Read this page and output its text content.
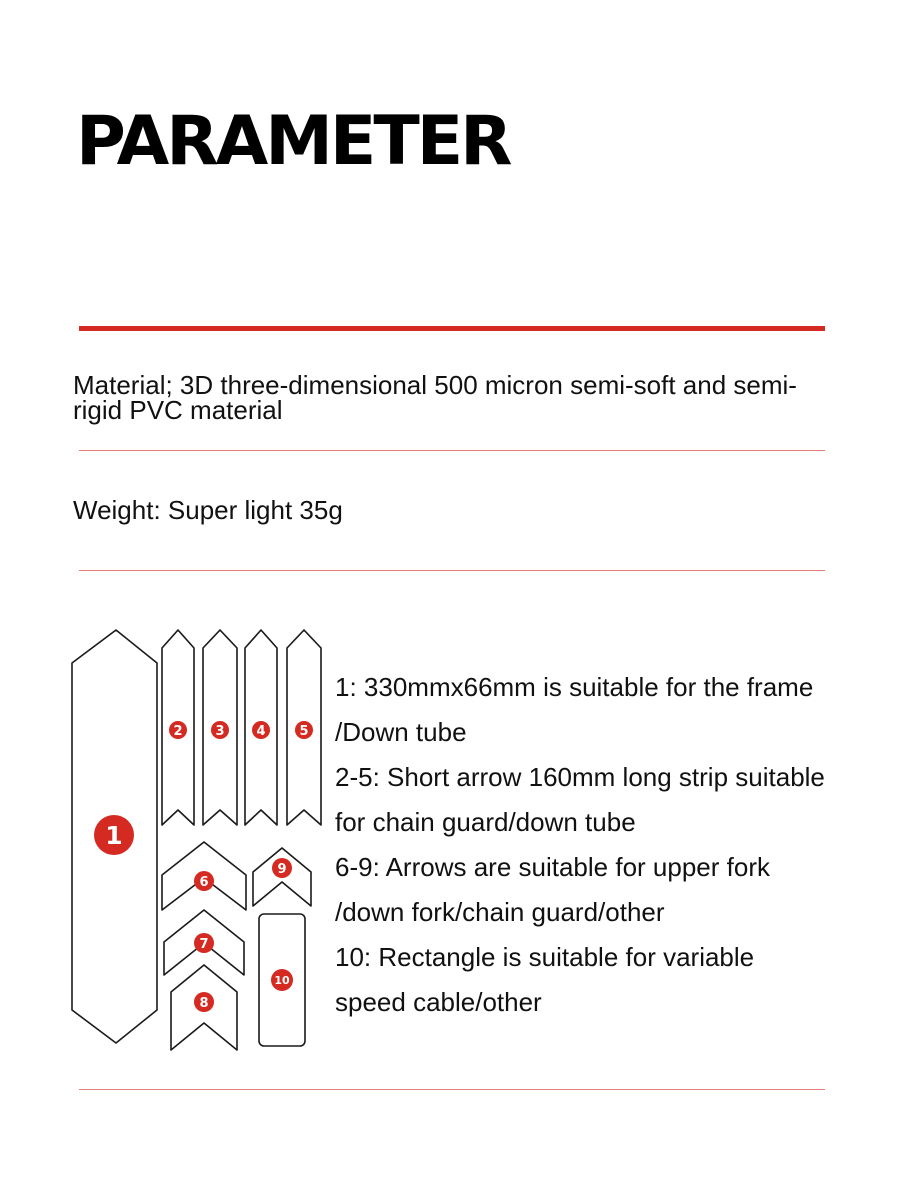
PARAMETER

Material; 3D three-dimensional 500 micron semi-soft and semi-rigid PVC material

Weight: Super light 35g

1
2	3 4	5
6
7
8
9
10
1: 330mmx66mm is suitable for the frame
/Down tube
2-5: Short arrow 160mm long strip suitable
for chain guard/down tube
6-9: Arrows are suitable for upper fork
/down fork/chain guard/other
10: Rectangle is suitable for variable
speed cable/other
